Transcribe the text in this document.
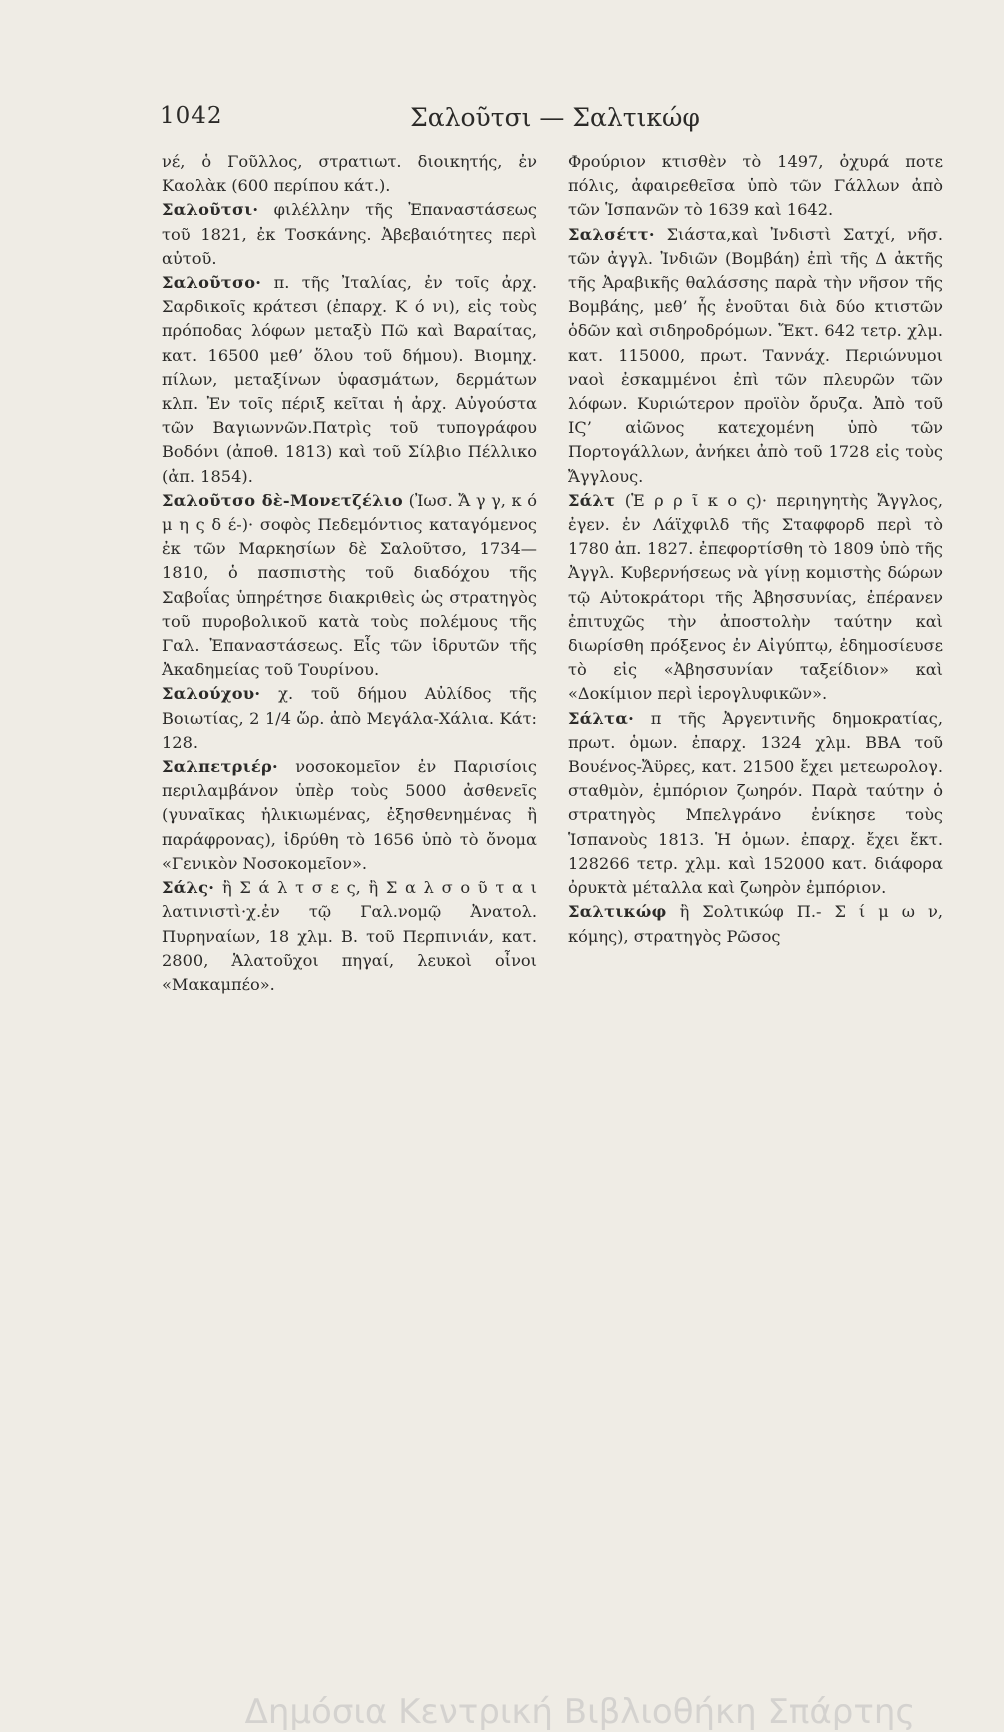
1042	Σαλοῦτσι — Σαλτικώφ

νέ, ὁ Γοῦλλος, στρατιωτ. διοικητής, ἐν Καολὰκ (600 περίπου κάτ.).

Σαλοῦτσι· φιλέλλην τῆς Ἐπαναστάσεως τοῦ 1821, ἐκ Τοσκάνης. Ἀβεβαιότητες περὶ αὐτοῦ.

Σαλοῦτσο· π. τῆς Ἰταλίας, ἐν τοῖς ἀρχ. Σαρδικοῖς κράτεσι (ἐπαρχ. Κ ό νι), εἰς τοὺς πρόποδας λόφων μεταξὺ Πῶ καὶ Βαραίτας, κατ. 16500 μεθ’ ὅλου τοῦ δήμου). Βιομηχ. πίλων, μεταξίνων ὑφασμάτων, δερμάτων κλπ. Ἐν τοῖς πέριξ κεῖται ἡ ἀρχ. Αὐγούστα τῶν Βαγιωννῶν.Πατρὶς τοῦ τυπογράφου Βοδόνι (ἀποθ. 1813) καὶ τοῦ Σίλβιο Πέλλικο (ἀπ. 1854).

Σαλοῦτσο δὲ-Μονετζέλιο (Ἰωσ. Ἄ γ γ, κ ό μ η ς δ έ-)· σοφὸς Πεδεμόντιος καταγόμενος ἐκ τῶν Μαρκησίων δὲ Σαλοῦτσο, 1734—1810, ὁ πασπιστὴς τοῦ διαδόχου τῆς Σαβοΐας ὑπηρέτησε διακριθεὶς ὡς στρατηγὸς τοῦ πυροβολικοῦ κατὰ τοὺς πολέμους τῆς Γαλ. Ἐπαναστάσεως. Εἷς τῶν ἱδρυτῶν τῆς Ἀκαδημείας τοῦ Τουρίνου.

Σαλούχου· χ. τοῦ δήμου Αὐλίδος τῆς Βοιωτίας, 2 1/4 ὥρ. ἀπὸ Μεγάλα-Χάλια. Κάτ: 128.

Σαλπετριέρ· νοσοκομεῖον ἐν Παρισίοις περιλαμβάνον ὑπὲρ τοὺς 5000 ἀσθενεῖς (γυναῖκας ἡλικιωμένας, ἐξησθενημένας ἢ παράφρονας), ἱδρύθη τὸ 1656 ὑπὸ τὸ ὄνομα «Γενικὸν Νοσοκομεῖον».

Σάλς· ἢ Σ ά λ τ σ ε ς, ἢ Σ α λ σ ο ῦ τ α ι λατινιστὶ·χ.ἐν τῷ Γαλ.νομῷ Ἀνατολ. Πυρηναίων, 18 χλμ. Β. τοῦ Περπινιάν, κατ. 2800, Ἁλατοῦχοι πηγαί, λευκοὶ οἶνοι «Μακαμπέο».

Φρούριον κτισθὲν τὸ 1497, ὀχυρά ποτε πόλις, ἀφαιρεθεῖσα ὑπὸ τῶν Γάλλων ἀπὸ τῶν Ἱσπανῶν τὸ 1639 καὶ 1642.

Σαλσέττ· Σιάστα,καὶ Ἰνδιστὶ Σατχί, νῆσ. τῶν ἀγγλ. Ἰνδιῶν (Βομβάη) ἐπὶ τῆς Δ ἀκτῆς τῆς Ἀραβικῆς θαλάσσης παρὰ τὴν νῆσον τῆς Βομβάης, μεθ’ ἧς ἑνοῦται διὰ δύο κτιστῶν ὁδῶν καὶ σιδηροδρόμων. Ἔκτ. 642 τετρ. χλμ. κατ. 115000, πρωτ. Ταννάχ. Περιώνυμοι ναοὶ ἐσκαμμένοι ἐπὶ τῶν πλευρῶν τῶν λόφων. Κυριώτερον προϊὸν ὄρυζα. Ἀπὸ τοῦ ΙϚ’ αἰῶνος κατεχομένη ὑπὸ τῶν Πορτογάλλων, ἀνήκει ἀπὸ τοῦ 1728 εἰς τοὺς Ἄγγλους.

Σάλτ (Ἑ ρ ρ ῖ κ ο ς)· περιηγητὴς Ἄγγλος, ἐγεν. ἐν Λάϊχφιλδ τῆς Σταφφορδ περὶ τὸ 1780 ἀπ. 1827. ἐπεφορτίσθη τὸ 1809 ὑπὸ τῆς Ἀγγλ. Κυβερνήσεως νὰ γίνῃ κομιστὴς δώρων τῷ Αὐτοκράτορι τῆς Ἀβησσυνίας, ἐπέρανεν ἐπιτυχῶς τὴν ἀποστολὴν ταύτην καὶ διωρίσθη πρόξενος ἐν Αἰγύπτῳ, ἐδημοσίευσε τὸ εἰς «Ἀβησσυνίαν ταξείδιον» καὶ «Δοκίμιον περὶ ἱερογλυφικῶν».

Σάλτα· π τῆς Ἀργεντινῆς δημοκρατίας, πρωτ. ὁμων. ἐπαρχ. 1324 χλμ. ΒΒΑ τοῦ Βουένος-Ἄϋρες, κατ. 21500 ἔχει μετεωρολογ. σταθμὸν, ἐμπόριον ζωηρόν. Παρὰ ταύτην ὁ στρατηγὸς Μπελγράνο ἐνίκησε τοὺς Ἱσπανοὺς 1813. Ἡ ὁμων. ἐπαρχ. ἔχει ἔκτ. 128266 τετρ. χλμ. καὶ 152000 κατ. διάφορα ὀρυκτὰ μέταλλα καὶ ζωηρὸν ἐμπόριον.

Σαλτικώφ ἢ Σολτικώφ Π.- Σ ί μ ω ν, κόμης), στρατηγὸς Ρῶσος

Δημόσια Κεντρική Βιβλιοθήκη Σπάρτης
